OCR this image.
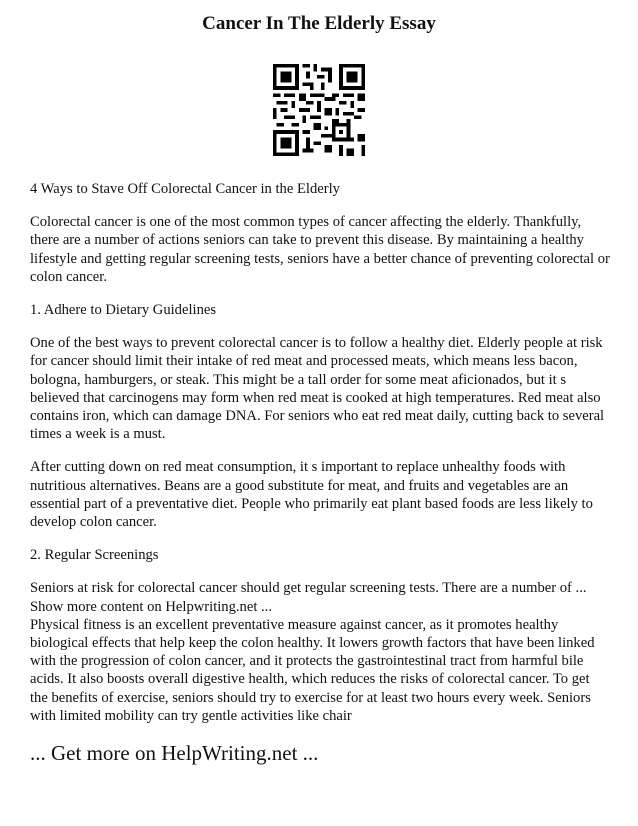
Cancer In The Elderly Essay

4 Ways to Stave Off Colorectal Cancer in the Elderly

Colorectal cancer is one of the most common types of cancer affecting the elderly. Thankfully, there are a number of actions seniors can take to prevent this disease. By maintaining a healthy lifestyle and getting regular screening tests, seniors have a better chance of preventing colorectal or colon cancer.

1. Adhere to Dietary Guidelines

One of the best ways to prevent colorectal cancer is to follow a healthy diet. Elderly people at risk for cancer should limit their intake of red meat and processed meats, which means less bacon, bologna, hamburgers, or steak. This might be a tall order for some meat aficionados, but it s believed that carcinogens may form when red meat is cooked at high temperatures. Red meat also contains iron, which can damage DNA. For seniors who eat red meat daily, cutting back to several times a week is a must.

After cutting down on red meat consumption, it s important to replace unhealthy foods with nutritious alternatives. Beans are a good substitute for meat, and fruits and vegetables are an essential part of a preventative diet. People who primarily eat plant based foods are less likely to develop colon cancer.

2. Regular Screenings

Seniors at risk for colorectal cancer should get regular screening tests. There are a number of ... Show more content on Helpwriting.net ...

Physical fitness is an excellent preventative measure against cancer, as it promotes healthy biological effects that help keep the colon healthy. It lowers growth factors that have been linked with the progression of colon cancer, and it protects the gastrointestinal tract from harmful bile acids. It also boosts overall digestive health, which reduces the risks of colorectal cancer. To get the benefits of exercise, seniors should try to exercise for at least two hours every week. Seniors with limited mobility can try gentle activities like chair

... Get more on HelpWriting.net ...
